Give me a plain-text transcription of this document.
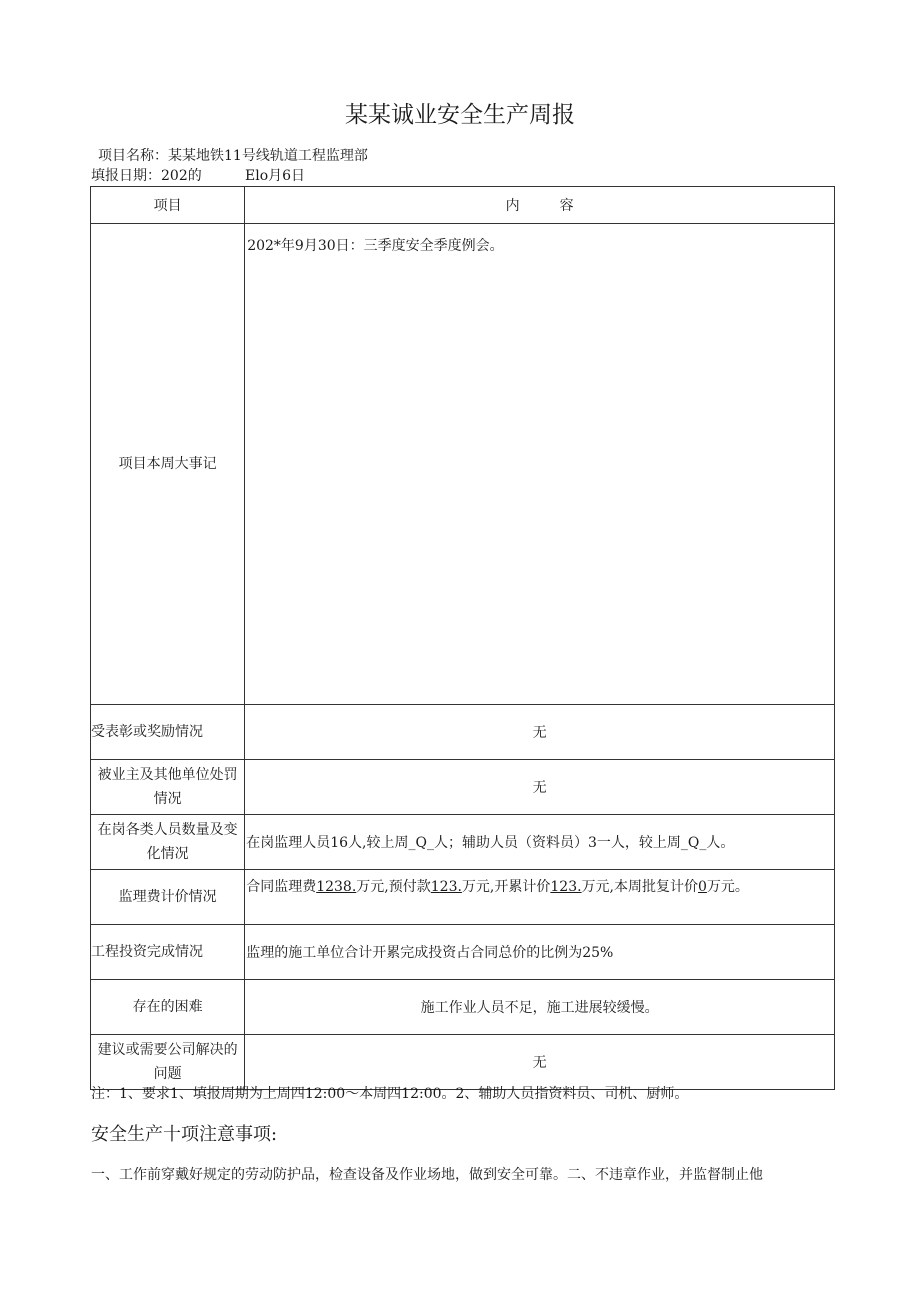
某某诚业安全生产周报
项目名称：某某地铁11号线轨道工程监理部
填报日期：202的	Elo月6日
项目	内 容
项目本周大事记	202*年9月30日：三季度安全季度例会。
受表彰或奖励情况	无
被业主及其他单位处罚情况	无
在岗各类人员数量及变化情况	在岗监理人员16人,较上周_Q_人；辅助人员（资料员）3一人，较上周_Q_人。
监理费计价情况	合同监理费1238.万元,预付款123.万元,开累计价123.万元,本周批复计价0万元。
工程投资完成情况	监理的施工单位合计开累完成投资占合同总价的比例为25%
存在的困难	施工作业人员不足，施工进展较缓慢。
建议或需要公司解决的问题	无
注：1、要求1、填报周期为上周四12:00～本周四12:00。2、辅助人员指资料员、司机、厨师。
安全生产十项注意事项:
一、工作前穿戴好规定的劳动防护品，检查设备及作业场地，做到安全可靠。二、不违章作业，并监督制止他
